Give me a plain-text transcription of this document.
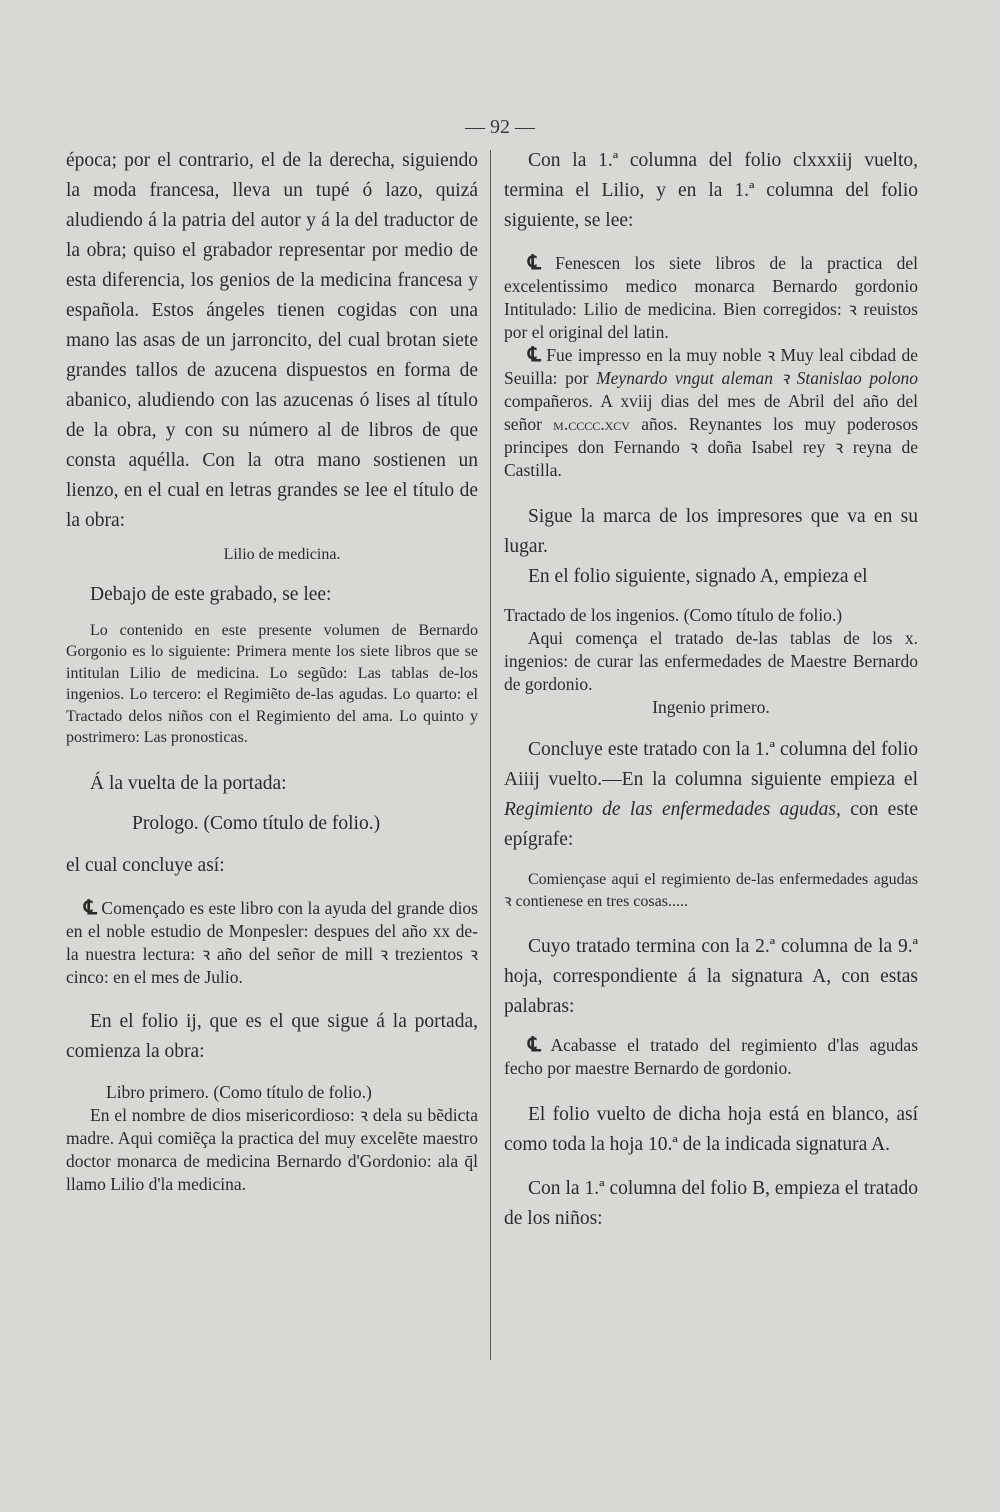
— 92 —

época; por el contrario, el de la derecha, siguiendo la moda francesa, lleva un tupé ó lazo, quizá aludiendo á la patria del autor y á la del traductor de la obra; quiso el grabador representar por medio de esta diferencia, los genios de la medicina francesa y española. Estos ángeles tienen cogidas con una mano las asas de un jarroncito, del cual brotan siete grandes tallos de azucena dispuestos en forma de abanico, aludiendo con las azucenas ó lises al título de la obra, y con su número al de libros de que consta aquélla. Con la otra mano sostienen un lienzo, en el cual en letras grandes se lee el título de la obra:

Lilio de medicina.

Debajo de este grabado, se lee:

Lo contenido en este presente volumen de Bernardo Gorgonio es lo siguiente: Primera mente los siete libros que se intitulan Lilio de medicina. Lo segũdo: Las tablas de-los ingenios. Lo tercero: el Regimiẽto de-las agudas. Lo quarto: el Tractado delos niños con el Regimiento del ama. Lo quinto y postrimero: Las pronosticas.

Á la vuelta de la portada:

Prologo. (Como título de folio.)

el cual concluye así:

℄ Començado es este libro con la ayuda del grande dios en el noble estudio de Monpesler: despues del año xx de-la nuestra lectura: ꝛ año del señor de mill ꝛ trezientos ꝛ cinco: en el mes de Julio.

En el folio ij, que es el que sigue á la portada, comienza la obra:

Libro primero. (Como título de folio.)

En el nombre de dios misericordioso: ꝛ dela su bẽdicta madre. Aqui comiẽça la practica del muy excelẽte maestro doctor monarca de medicina Bernardo d'Gordonio: ala q̄l llamo Lilio d'la medicina.

Con la 1.ª columna del folio clxxxiij vuelto, termina el Lilio, y en la 1.ª columna del folio siguiente, se lee:

℄ Fenescen los siete libros de la practica del excelentissimo medico monarca Bernardo gordonio Intitulado: Lilio de medicina. Bien corregidos: ꝛ reuistos por el original del latin.

℄ Fue impresso en la muy noble ꝛ Muy leal cibdad de Seuilla: por Meynardo vngut aleman ꝛ Stanislao polono compañeros. A xviij dias del mes de Abril del año del señor m.cccc.xcv años. Reynantes los muy poderosos principes don Fernando ꝛ doña Isabel rey ꝛ reyna de Castilla.

Sigue la marca de los impresores que va en su lugar.

En el folio siguiente, signado A, empieza el

Tractado de los ingenios. (Como título de folio.)

Aqui comença el tratado de-las tablas de los x. ingenios: de curar las enfermedades de Maestre Bernardo de gordonio.

Ingenio primero.

Concluye este tratado con la 1.ª columna del folio Aiiij vuelto.—En la columna siguiente empieza el Regimiento de las enfermedades agudas, con este epígrafe:

Comiençase aqui el regimiento de-las enfermedades agudas ꝛ contienese en tres cosas.....

Cuyo tratado termina con la 2.ª columna de la 9.ª hoja, correspondiente á la signatura A, con estas palabras:

℄ Acabasse el tratado del regimiento d'las agudas fecho por maestre Bernardo de gordonio.

El folio vuelto de dicha hoja está en blanco, así como toda la hoja 10.ª de la indicada signatura A.

Con la 1.ª columna del folio B, empieza el tratado de los niños:
